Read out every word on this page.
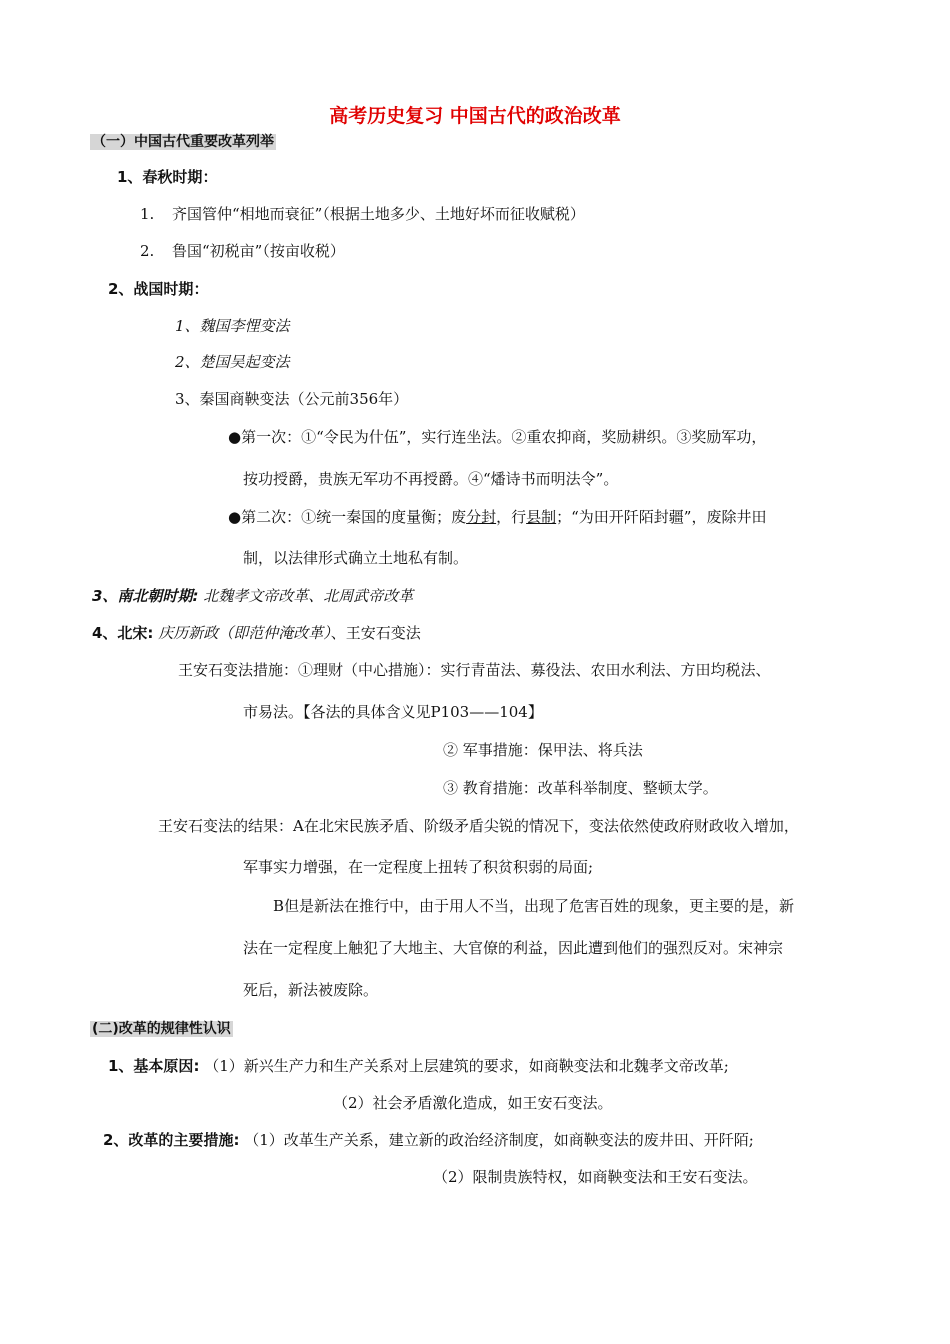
高考历史复习 中国古代的政治改革
（一）中国古代重要改革列举
1、春秋时期：
1. 齐国管仲“相地而衰征”（根据土地多少、土地好坏而征收赋税）
2. 鲁国“初税亩”（按亩收税）
2、战国时期：
1、魏国李悝变法
2、楚国吴起变法
3、秦国商鞅变法（公元前356年）
●第一次：①“令民为什伍”，实行连坐法。②重农抑商，奖励耕织。③奖励军功，
按功授爵，贵族无军功不再授爵。④“燔诗书而明法令”。
●第二次：①统一秦国的度量衡；废分封，行县制；“为田开阡陌封疆”，废除井田
制，以法律形式确立土地私有制。
3、南北朝时期: 北魏孝文帝改革、北周武帝改革
4、北宋: 庆历新政（即范仲淹改革）、王安石变法
王安石变法措施：①理财（中心措施）：实行青苗法、募役法、农田水利法、方田均税法、
市易法。【各法的具体含义见P103——104】
② 军事措施：保甲法、将兵法
③ 教育措施：改革科举制度、整顿太学。
王安石变法的结果：A在北宋民族矛盾、阶级矛盾尖锐的情况下，变法依然使政府财政收入增加，
军事实力增强，在一定程度上扭转了积贫积弱的局面;
B但是新法在推行中，由于用人不当，出现了危害百姓的现象，更主要的是，新
法在一定程度上触犯了大地主、大官僚的利益，因此遭到他们的强烈反对。宋神宗
死后，新法被废除。
(二)改革的规律性认识
1、基本原因: （1）新兴生产力和生产关系对上层建筑的要求，如商鞅变法和北魏孝文帝改革;
（2）社会矛盾激化造成，如王安石变法。
2、改革的主要措施: （1）改革生产关系，建立新的政治经济制度，如商鞅变法的废井田、开阡陌;
（2）限制贵族特权，如商鞅变法和王安石变法。
